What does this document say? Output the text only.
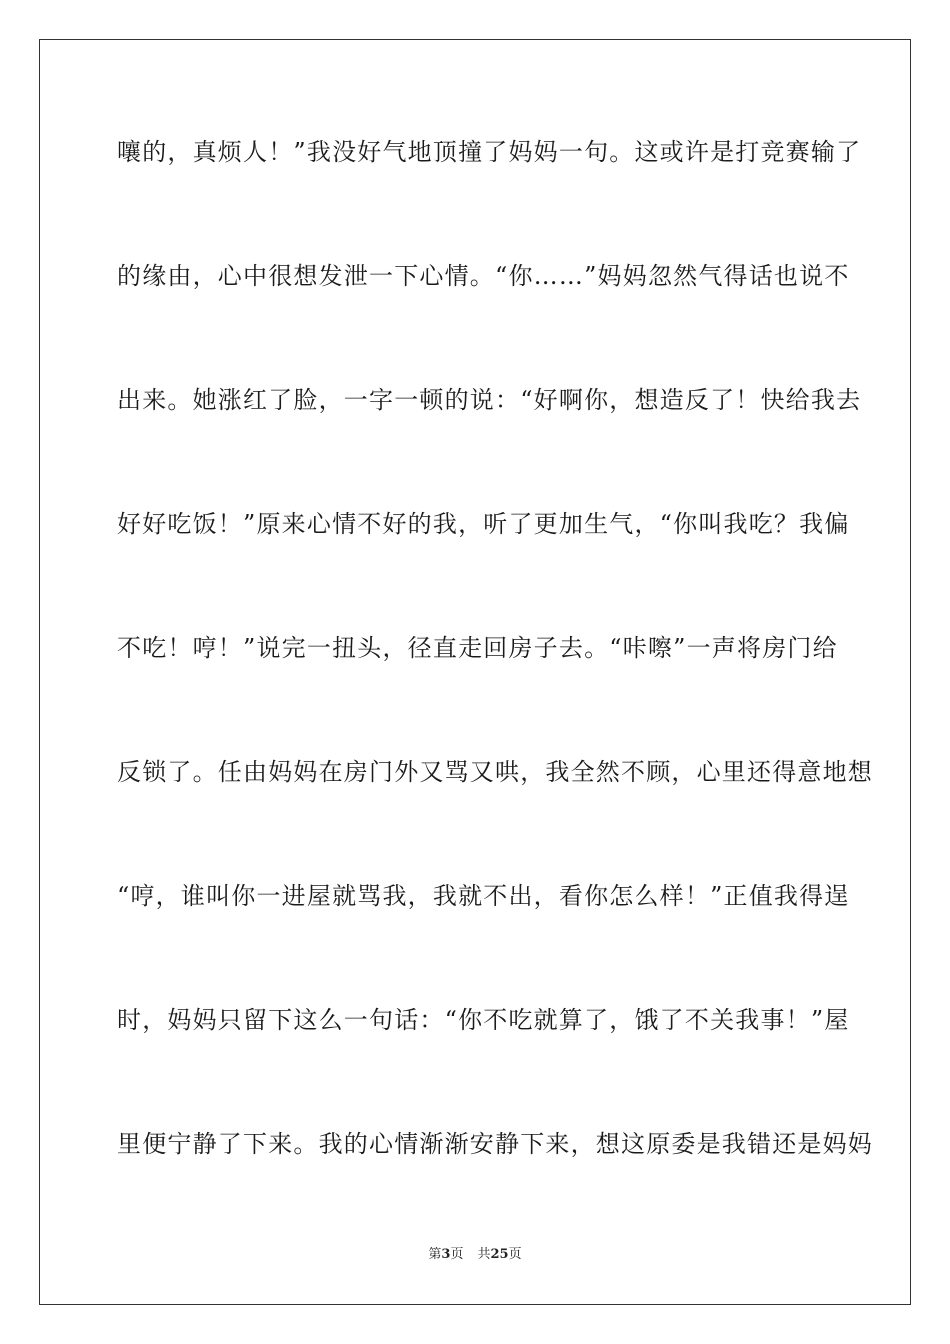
嚷的，真烦人！”我没好气地顶撞了妈妈一句。这或许是打竞赛输了
的缘由，心中很想发泄一下心情。“你……”妈妈忽然气得话也说不
出来。她涨红了脸，一字一顿的说：“好啊你，想造反了！快给我去
好好吃饭！”原来心情不好的我，听了更加生气，“你叫我吃？我偏
不吃！哼！”说完一扭头，径直走回房子去。“咔嚓”一声将房门给
反锁了。任由妈妈在房门外又骂又哄，我全然不顾，心里还得意地想
“哼，谁叫你一进屋就骂我，我就不出，看你怎么样！”正值我得逞
时，妈妈只留下这么一句话：“你不吃就算了，饿了不关我事！”屋
里便宁静了下来。我的心情渐渐安静下来，想这原委是我错还是妈妈
第3页 共25页
